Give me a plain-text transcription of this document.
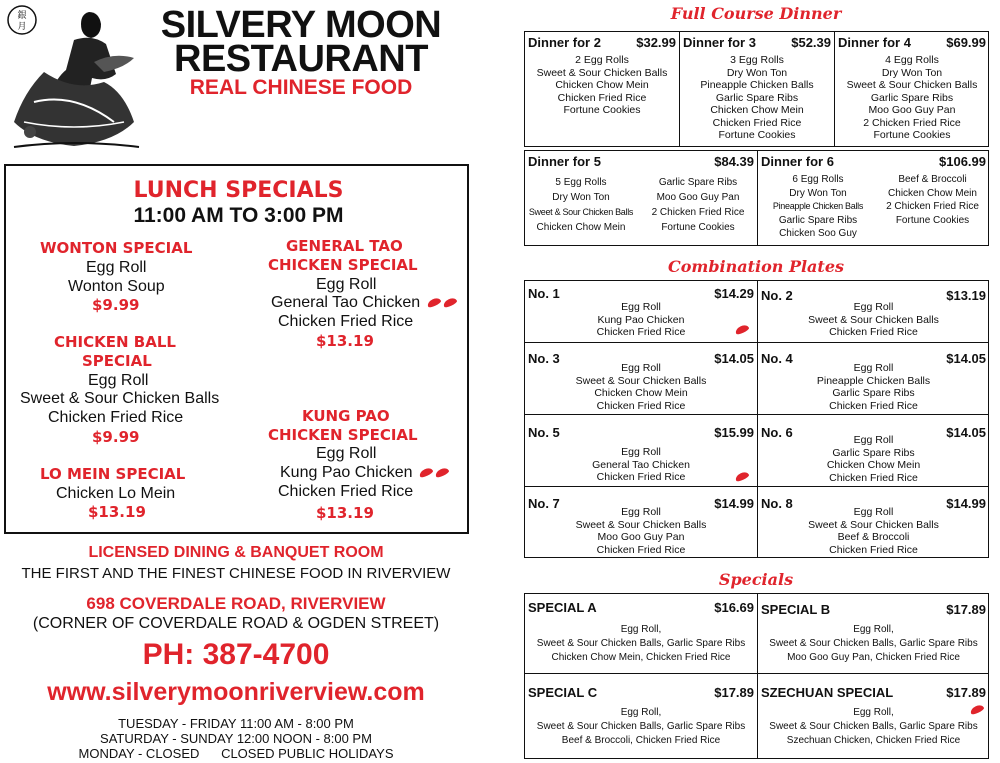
銀
月	SILVERY MOON
RESTAURANT
REAL CHINESE FOOD
LUNCH SPECIALS
11:00 AM TO 3:00 PM
WONTON SPECIAL
Egg Roll
Wonton Soup
$9.99
CHICKEN BALL
SPECIAL
Egg Roll
Sweet & Sour Chicken Balls
Chicken Fried Rice
$9.99
LO MEIN SPECIAL
Chicken Lo Mein
$13.19
GENERAL TAO
CHICKEN SPECIAL
Egg Roll
General Tao Chicken
Chicken Fried Rice
$13.19
KUNG PAO
CHICKEN SPECIAL
Egg Roll
Kung Pao Chicken
Chicken Fried Rice
$13.19
LICENSED DINING & BANQUET ROOM
THE FIRST AND THE FINEST CHINESE FOOD IN RIVERVIEW
698 COVERDALE ROAD, RIVERVIEW
(CORNER OF COVERDALE ROAD & OGDEN STREET)
PH: 387-4700
www.silverymoonriverview.com
TUESDAY - FRIDAY 11:00 AM - 8:00 PM
SATURDAY - SUNDAY 12:00 NOON - 8:00 PM
MONDAY - CLOSED CLOSED PUBLIC HOLIDAYS
Full Course Dinner
Dinner for 2	$32.99
2 Egg Rolls
Sweet & Sour Chicken Balls
Chicken Chow Mein
Chicken Fried Rice
Fortune Cookies
Dinner for 3	$52.39
3 Egg Rolls
Dry Won Ton
Pineapple Chicken Balls
Garlic Spare Ribs
Chicken Chow Mein
Chicken Fried Rice
Fortune Cookies
Dinner for 4	$69.99
4 Egg Rolls
Dry Won Ton
Sweet & Sour Chicken Balls
Garlic Spare Ribs
Moo Goo Guy Pan
2 Chicken Fried Rice
Fortune Cookies
Dinner for 5	$84.39
5 Egg Rolls
Dry Won Ton
Sweet & Sour Chicken Balls
Chicken Chow Mein
Garlic Spare Ribs
Moo Goo Guy Pan
2 Chicken Fried Rice
Fortune Cookies
Dinner for 6	$106.99
6 Egg Rolls
Dry Won Ton
Pineapple Chicken Balls
Garlic Spare Ribs
Chicken Soo Guy
Beef & Broccoli
Chicken Chow Mein
2 Chicken Fried Rice
Fortune Cookies
Combination Plates
No. 1	$14.29
Egg Roll
Kung Pao Chicken
Chicken Fried Rice
No. 2	$13.19
Egg Roll
Sweet & Sour Chicken Balls
Chicken Fried Rice
No. 3	$14.05
Egg Roll
Sweet & Sour Chicken Balls
Chicken Chow Mein
Chicken Fried Rice
No. 4	$14.05
Egg Roll
Pineapple Chicken Balls
Garlic Spare Ribs
Chicken Fried Rice
No. 5	$15.99
Egg Roll
General Tao Chicken
Chicken Fried Rice
No. 6	$14.05
Egg Roll
Garlic Spare Ribs
Chicken Chow Mein
Chicken Fried Rice
No. 7	$14.99
Egg Roll
Sweet & Sour Chicken Balls
Moo Goo Guy Pan
Chicken Fried Rice
No. 8	$14.99
Egg Roll
Sweet & Sour Chicken Balls
Beef & Broccoli
Chicken Fried Rice
Specials
SPECIAL A	$16.69
Egg Roll,
Sweet & Sour Chicken Balls, Garlic Spare Ribs
Chicken Chow Mein, Chicken Fried Rice
SPECIAL B	$17.89
Egg Roll,
Sweet & Sour Chicken Balls, Garlic Spare Ribs
Moo Goo Guy Pan, Chicken Fried Rice
SPECIAL C	$17.89
Egg Roll,
Sweet & Sour Chicken Balls, Garlic Spare Ribs
Beef & Broccoli, Chicken Fried Rice
SZECHUAN SPECIAL	$17.89
Egg Roll,
Sweet & Sour Chicken Balls, Garlic Spare Ribs
Szechuan Chicken, Chicken Fried Rice
